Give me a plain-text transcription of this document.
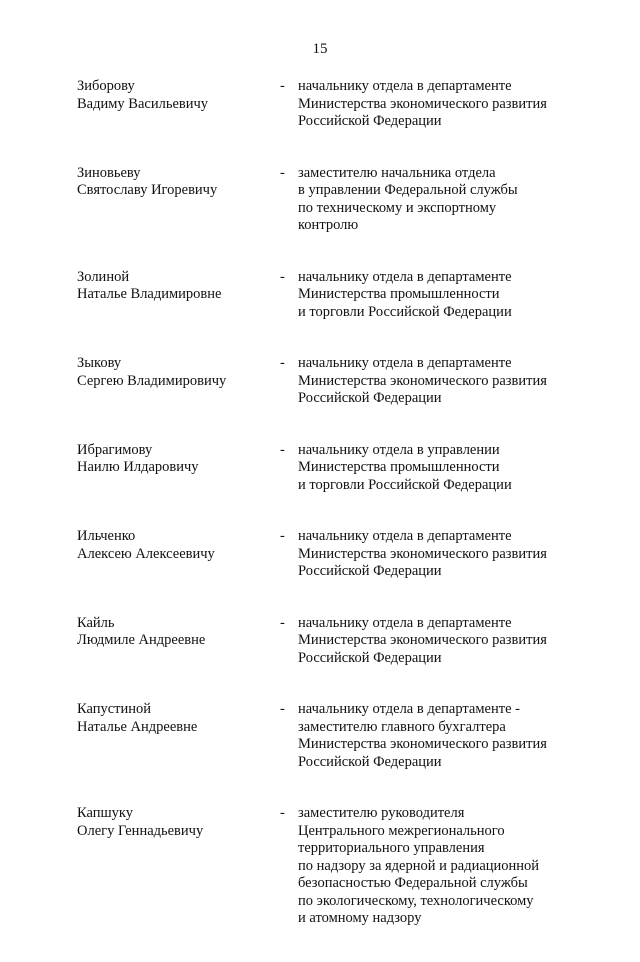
15
Зиборову
Вадиму Васильевичу
- начальнику отдела в департаменте
Министерства экономического развития
Российской Федерации
Зиновьеву
Святославу Игоревичу
- заместителю начальника отдела
в управлении Федеральной службы
по техническому и экспортному
контролю
Золиной
Наталье Владимировне
- начальнику отдела в департаменте
Министерства промышленности
и торговли Российской Федерации
Зыкову
Сергею Владимировичу
- начальнику отдела в департаменте
Министерства экономического развития
Российской Федерации
Ибрагимову
Наилю Илдаровичу
- начальнику отдела в управлении
Министерства промышленности
и торговли Российской Федерации
Ильченко
Алексею Алексеевичу
- начальнику отдела в департаменте
Министерства экономического развития
Российской Федерации
Кайль
Людмиле Андреевне
- начальнику отдела в департаменте
Министерства экономического развития
Российской Федерации
Капустиной
Наталье Андреевне
- начальнику отдела в департаменте -
заместителю главного бухгалтера
Министерства экономического развития
Российской Федерации
Капшуку
Олегу Геннадьевичу
- заместителю руководителя
Центрального межрегионального
территориального управления
по надзору за ядерной и радиационной
безопасностью Федеральной службы
по экологическому, технологическому
и атомному надзору
